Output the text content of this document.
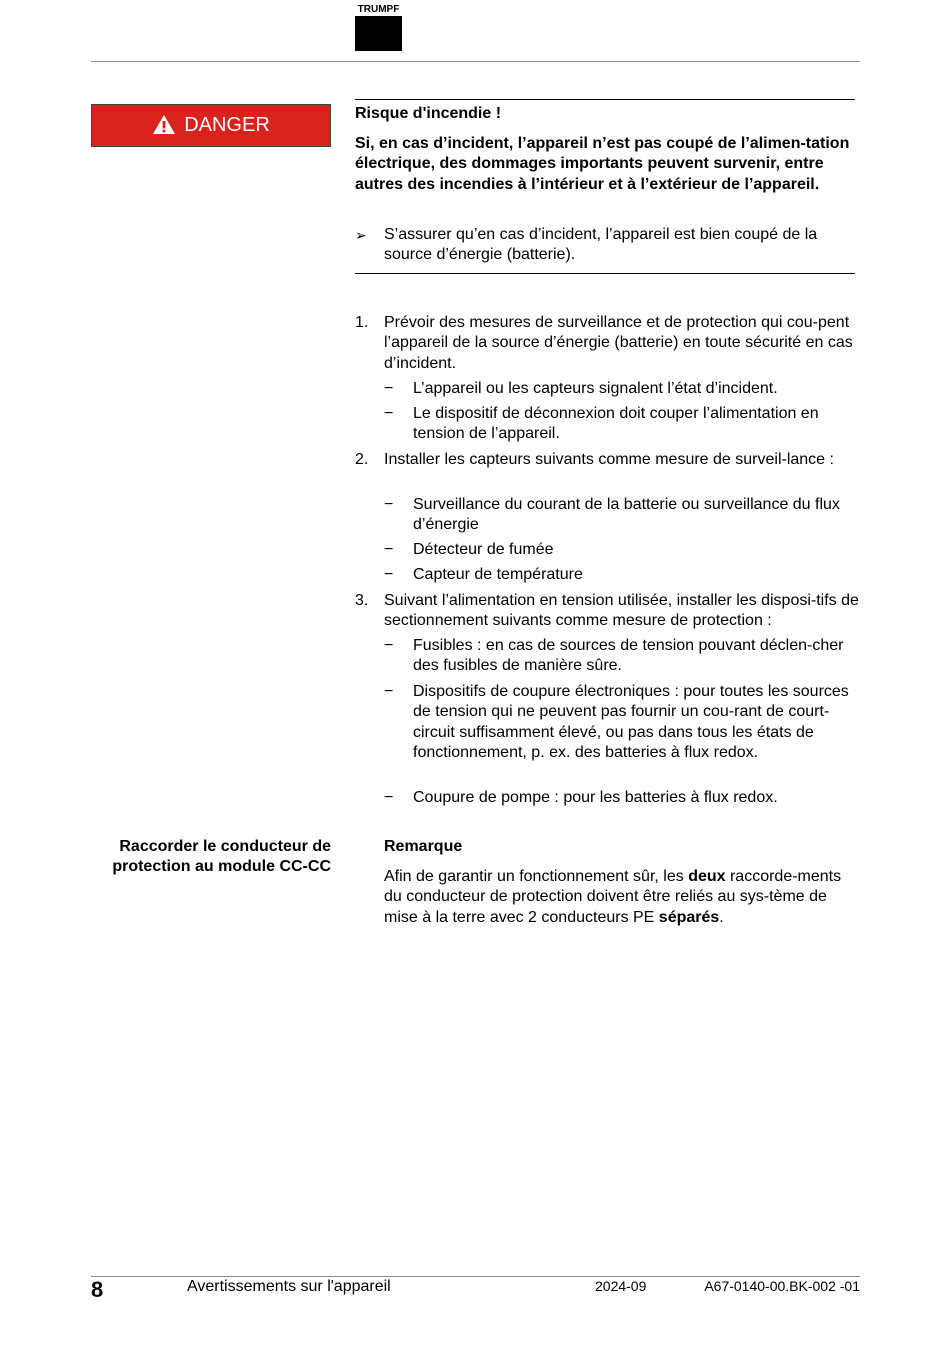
TRUMPF
DANGER
Risque d'incendie !
Si, en cas d’incident, l’appareil n’est pas coupé de l’alimen-tation électrique, des dommages importants peuvent survenir, entre autres des incendies à l’intérieur et à l’extérieur de l’appareil.
➢ S’assurer qu’en cas d’incident, l’appareil est bien coupé de la source d’énergie (batterie).
1. Prévoir des mesures de surveillance et de protection qui cou-pent l’appareil de la source d’énergie (batterie) en toute sécurité en cas d’incident.
− L’appareil ou les capteurs signalent l’état d’incident.
− Le dispositif de déconnexion doit couper l’alimentation en tension de l’appareil.
2. Installer les capteurs suivants comme mesure de surveil-lance :
− Surveillance du courant de la batterie ou surveillance du flux d’énergie
− Détecteur de fumée
− Capteur de température
3. Suivant l’alimentation en tension utilisée, installer les disposi-tifs de sectionnement suivants comme mesure de protection :
− Fusibles : en cas de sources de tension pouvant déclen-cher des fusibles de manière sûre.
− Dispositifs de coupure électroniques : pour toutes les sources de tension qui ne peuvent pas fournir un cou-rant de court-circuit suffisamment élevé, ou pas dans tous les états de fonctionnement, p. ex. des batteries à flux redox.
− Coupure de pompe : pour les batteries à flux redox.
Raccorder le conducteur de protection au module CC-CC
Remarque
Afin de garantir un fonctionnement sûr, les deux raccorde-ments du conducteur de protection doivent être reliés au sys-tème de mise à la terre avec 2 conducteurs PE séparés.
8	Avertissements sur l'appareil	2024-09	A67-0140-00.BK-002 -01
